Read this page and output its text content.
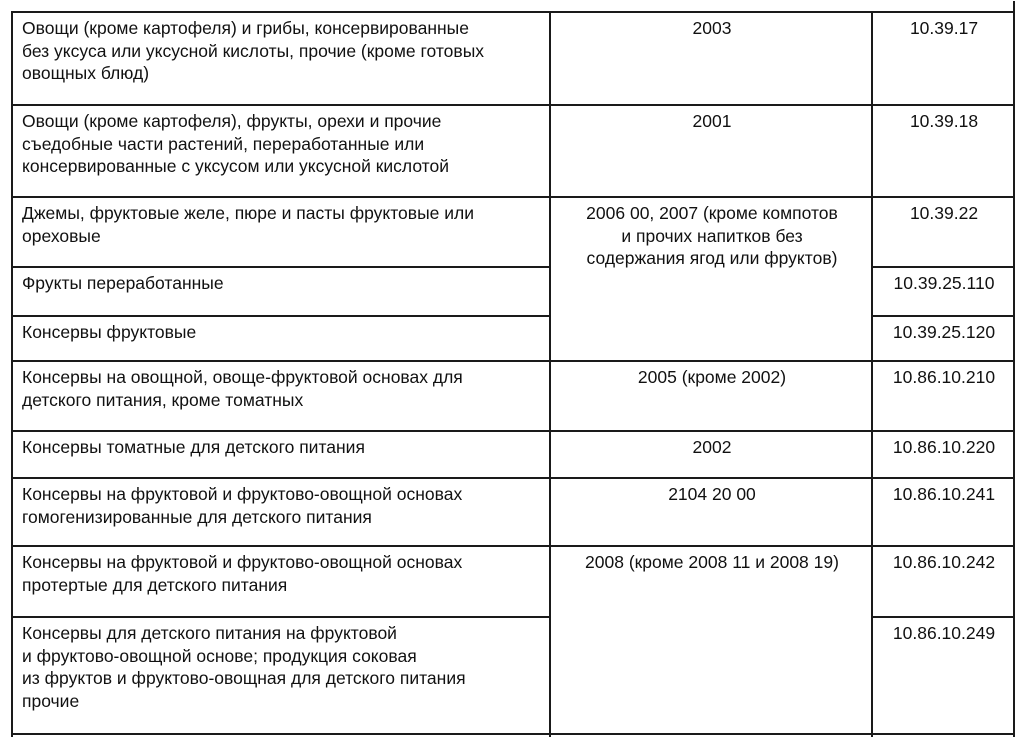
Овощи (кроме картофеля) и грибы, консервированные
без уксуса или уксусной кислоты, прочие (кроме готовых
овощных блюд)
2003	10.39.17
Овощи (кроме картофеля), фрукты, орехи и прочие
съедобные части растений, переработанные или
консервированные с уксусом или уксусной кислотой
2001	10.39.18
Джемы, фруктовые желе, пюре и пасты фруктовые или
ореховые
2006 00, 2007 (кроме компотов
и прочих напитков без
содержания ягод или фруктов)
10.39.22
Фрукты переработанные	10.39.25.110
Консервы фруктовые	10.39.25.120
Консервы на овощной, овоще-фруктовой основах для
детского питания, кроме томатных
2005 (кроме 2002)	10.86.10.210
Консервы томатные для детского питания	2002	10.86.10.220
Консервы на фруктовой и фруктово-овощной основах
гомогенизированные для детского питания
2104 20 00	10.86.10.241
Консервы на фруктовой и фруктово-овощной основах
протертые для детского питания
2008 (кроме 2008 11 и 2008 19)	10.86.10.242
Консервы для детского питания на фруктовой
и фруктово-овощной основе; продукция соковая
из фруктов и фруктово-овощная для детского питания
прочие
10.86.10.249
